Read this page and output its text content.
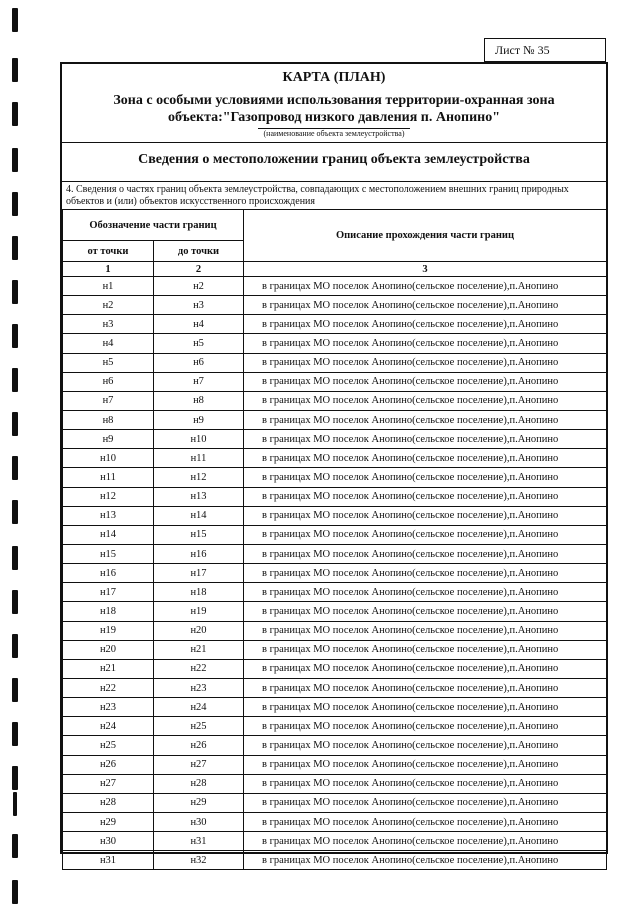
Лист № 35
КАРТА (ПЛАН)
Зона с особыми условиями использования территории-охранная зона
объекта:"Газопровод низкого давления п. Анопино"
(наименование объекта землеустройства)
Сведения о местоположении границ объекта землеустройства
4. Сведения о частях границ объекта землеустройства, совпадающих с местоположением внешних границ природных объектов и (или) объектов искусственного происхождения
Обозначение части границ		Описание прохождения части границ
от точки	до точки	
1	2	3
н1	н2	в границах МО поселок Анопино(сельское поселение),п.Анопино
н2	н3	в границах МО поселок Анопино(сельское поселение),п.Анопино
н3	н4	в границах МО поселок Анопино(сельское поселение),п.Анопино
н4	н5	в границах МО поселок Анопино(сельское поселение),п.Анопино
н5	н6	в границах МО поселок Анопино(сельское поселение),п.Анопино
н6	н7	в границах МО поселок Анопино(сельское поселение),п.Анопино
н7	н8	в границах МО поселок Анопино(сельское поселение),п.Анопино
н8	н9	в границах МО поселок Анопино(сельское поселение),п.Анопино
н9	н10	в границах МО поселок Анопино(сельское поселение),п.Анопино
н10	н11	в границах МО поселок Анопино(сельское поселение),п.Анопино
н11	н12	в границах МО поселок Анопино(сельское поселение),п.Анопино
н12	н13	в границах МО поселок Анопино(сельское поселение),п.Анопино
н13	н14	в границах МО поселок Анопино(сельское поселение),п.Анопино
н14	н15	в границах МО поселок Анопино(сельское поселение),п.Анопино
н15	н16	в границах МО поселок Анопино(сельское поселение),п.Анопино
н16	н17	в границах МО поселок Анопино(сельское поселение),п.Анопино
н17	н18	в границах МО поселок Анопино(сельское поселение),п.Анопино
н18	н19	в границах МО поселок Анопино(сельское поселение),п.Анопино
н19	н20	в границах МО поселок Анопино(сельское поселение),п.Анопино
н20	н21	в границах МО поселок Анопино(сельское поселение),п.Анопино
н21	н22	в границах МО поселок Анопино(сельское поселение),п.Анопино
н22	н23	в границах МО поселок Анопино(сельское поселение),п.Анопино
н23	н24	в границах МО поселок Анопино(сельское поселение),п.Анопино
н24	н25	в границах МО поселок Анопино(сельское поселение),п.Анопино
н25	н26	в границах МО поселок Анопино(сельское поселение),п.Анопино
н26	н27	в границах МО поселок Анопино(сельское поселение),п.Анопино
н27	н28	в границах МО поселок Анопино(сельское поселение),п.Анопино
н28	н29	в границах МО поселок Анопино(сельское поселение),п.Анопино
н29	н30	в границах МО поселок Анопино(сельское поселение),п.Анопино
н30	н31	в границах МО поселок Анопино(сельское поселение),п.Анопино
н31	н32	в границах МО поселок Анопино(сельское поселение),п.Анопино
